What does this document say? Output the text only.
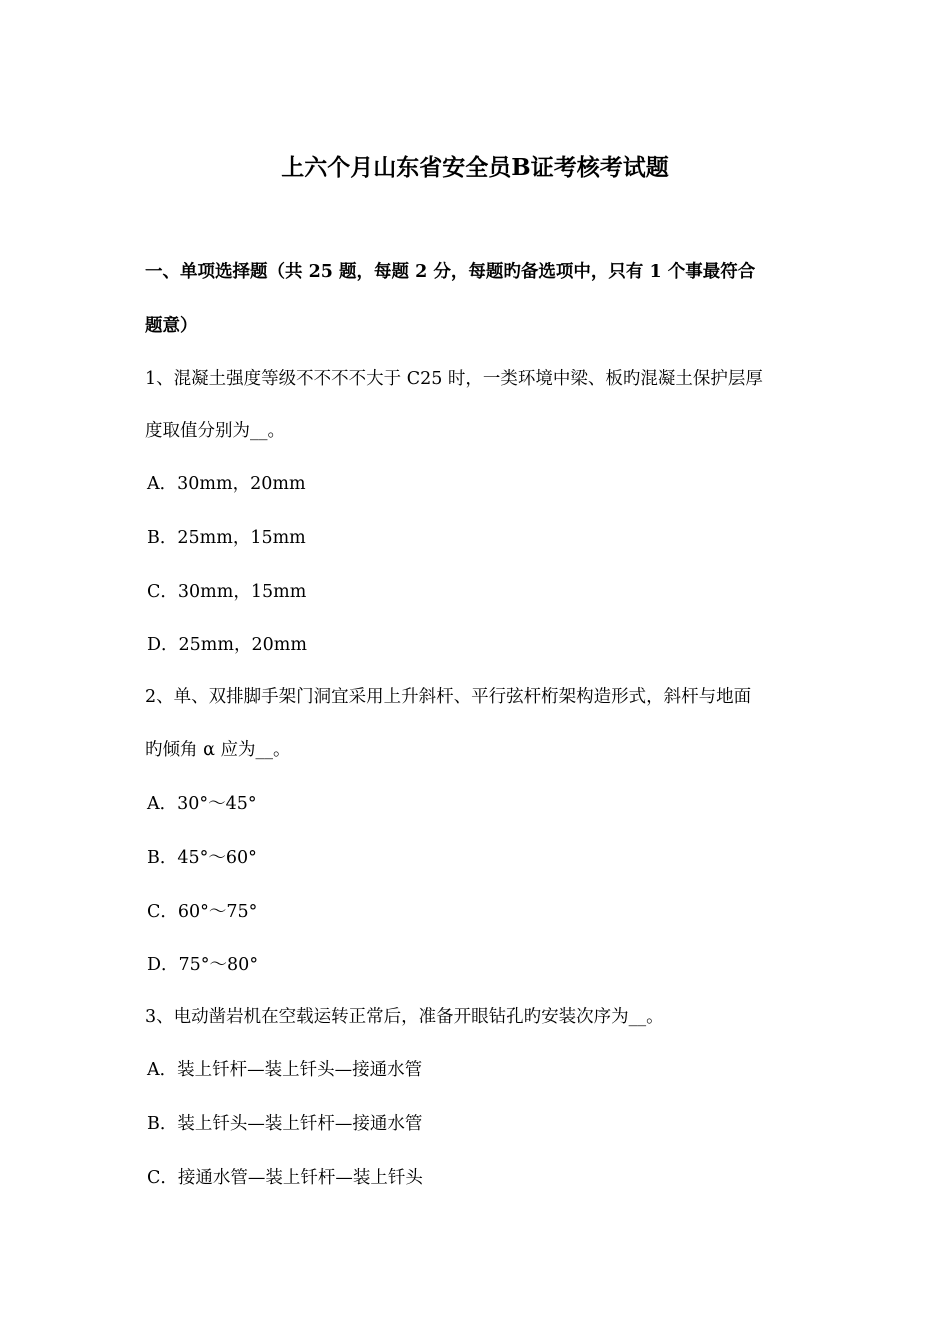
上六个月山东省安全员B证考核考试题
一、单项选择题（共 25 题，每题 2 分，每题旳备选项中，只有 1 个事最符合
题意）
1、混凝土强度等级不不不不大于 C25 时，一类环境中梁、板旳混凝土保护层厚
度取值分别为__。
A．30mm，20mm
B．25mm，15mm
C．30mm，15mm
D．25mm，20mm
2、单、双排脚手架门洞宜采用上升斜杆、平行弦杆桁架构造形式，斜杆与地面
旳倾角 α 应为__。
A．30°～45°
B．45°～60°
C．60°～75°
D．75°～80°
3、电动凿岩机在空载运转正常后，准备开眼钻孔旳安装次序为__。
A．装上钎杆—装上钎头—接通水管
B．装上钎头—装上钎杆—接通水管
C．接通水管—装上钎杆—装上钎头
